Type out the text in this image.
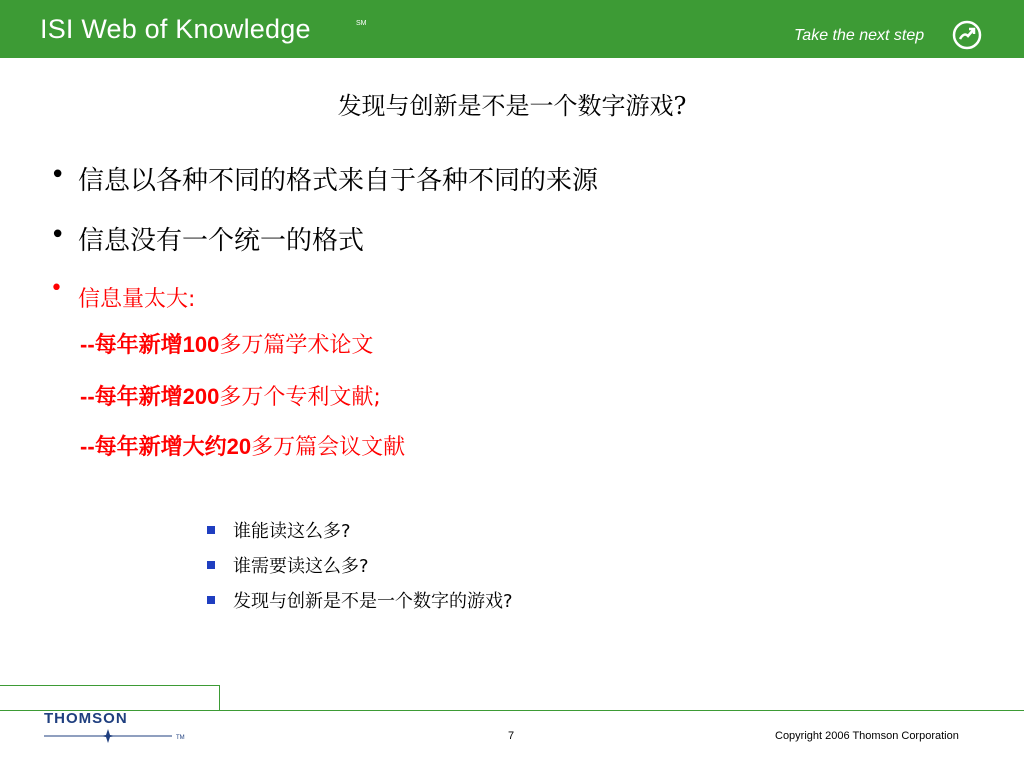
ISI Web of Knowledge	SM
Take the next step
发现与创新是不是一个数字游戏?
• 信息以各种不同的格式来自于各种不同的来源
• 信息没有一个统一的格式
• 信息量太大:
--每年新增100多万篇学术论文
--每年新增200多万个专利文献;
--每年新增大约20多万篇会议文献
谁能读这么多?
谁需要读这么多?
发现与创新是不是一个数字的游戏?
THOMSON
TM	7	Copyright 2006 Thomson Corporation
